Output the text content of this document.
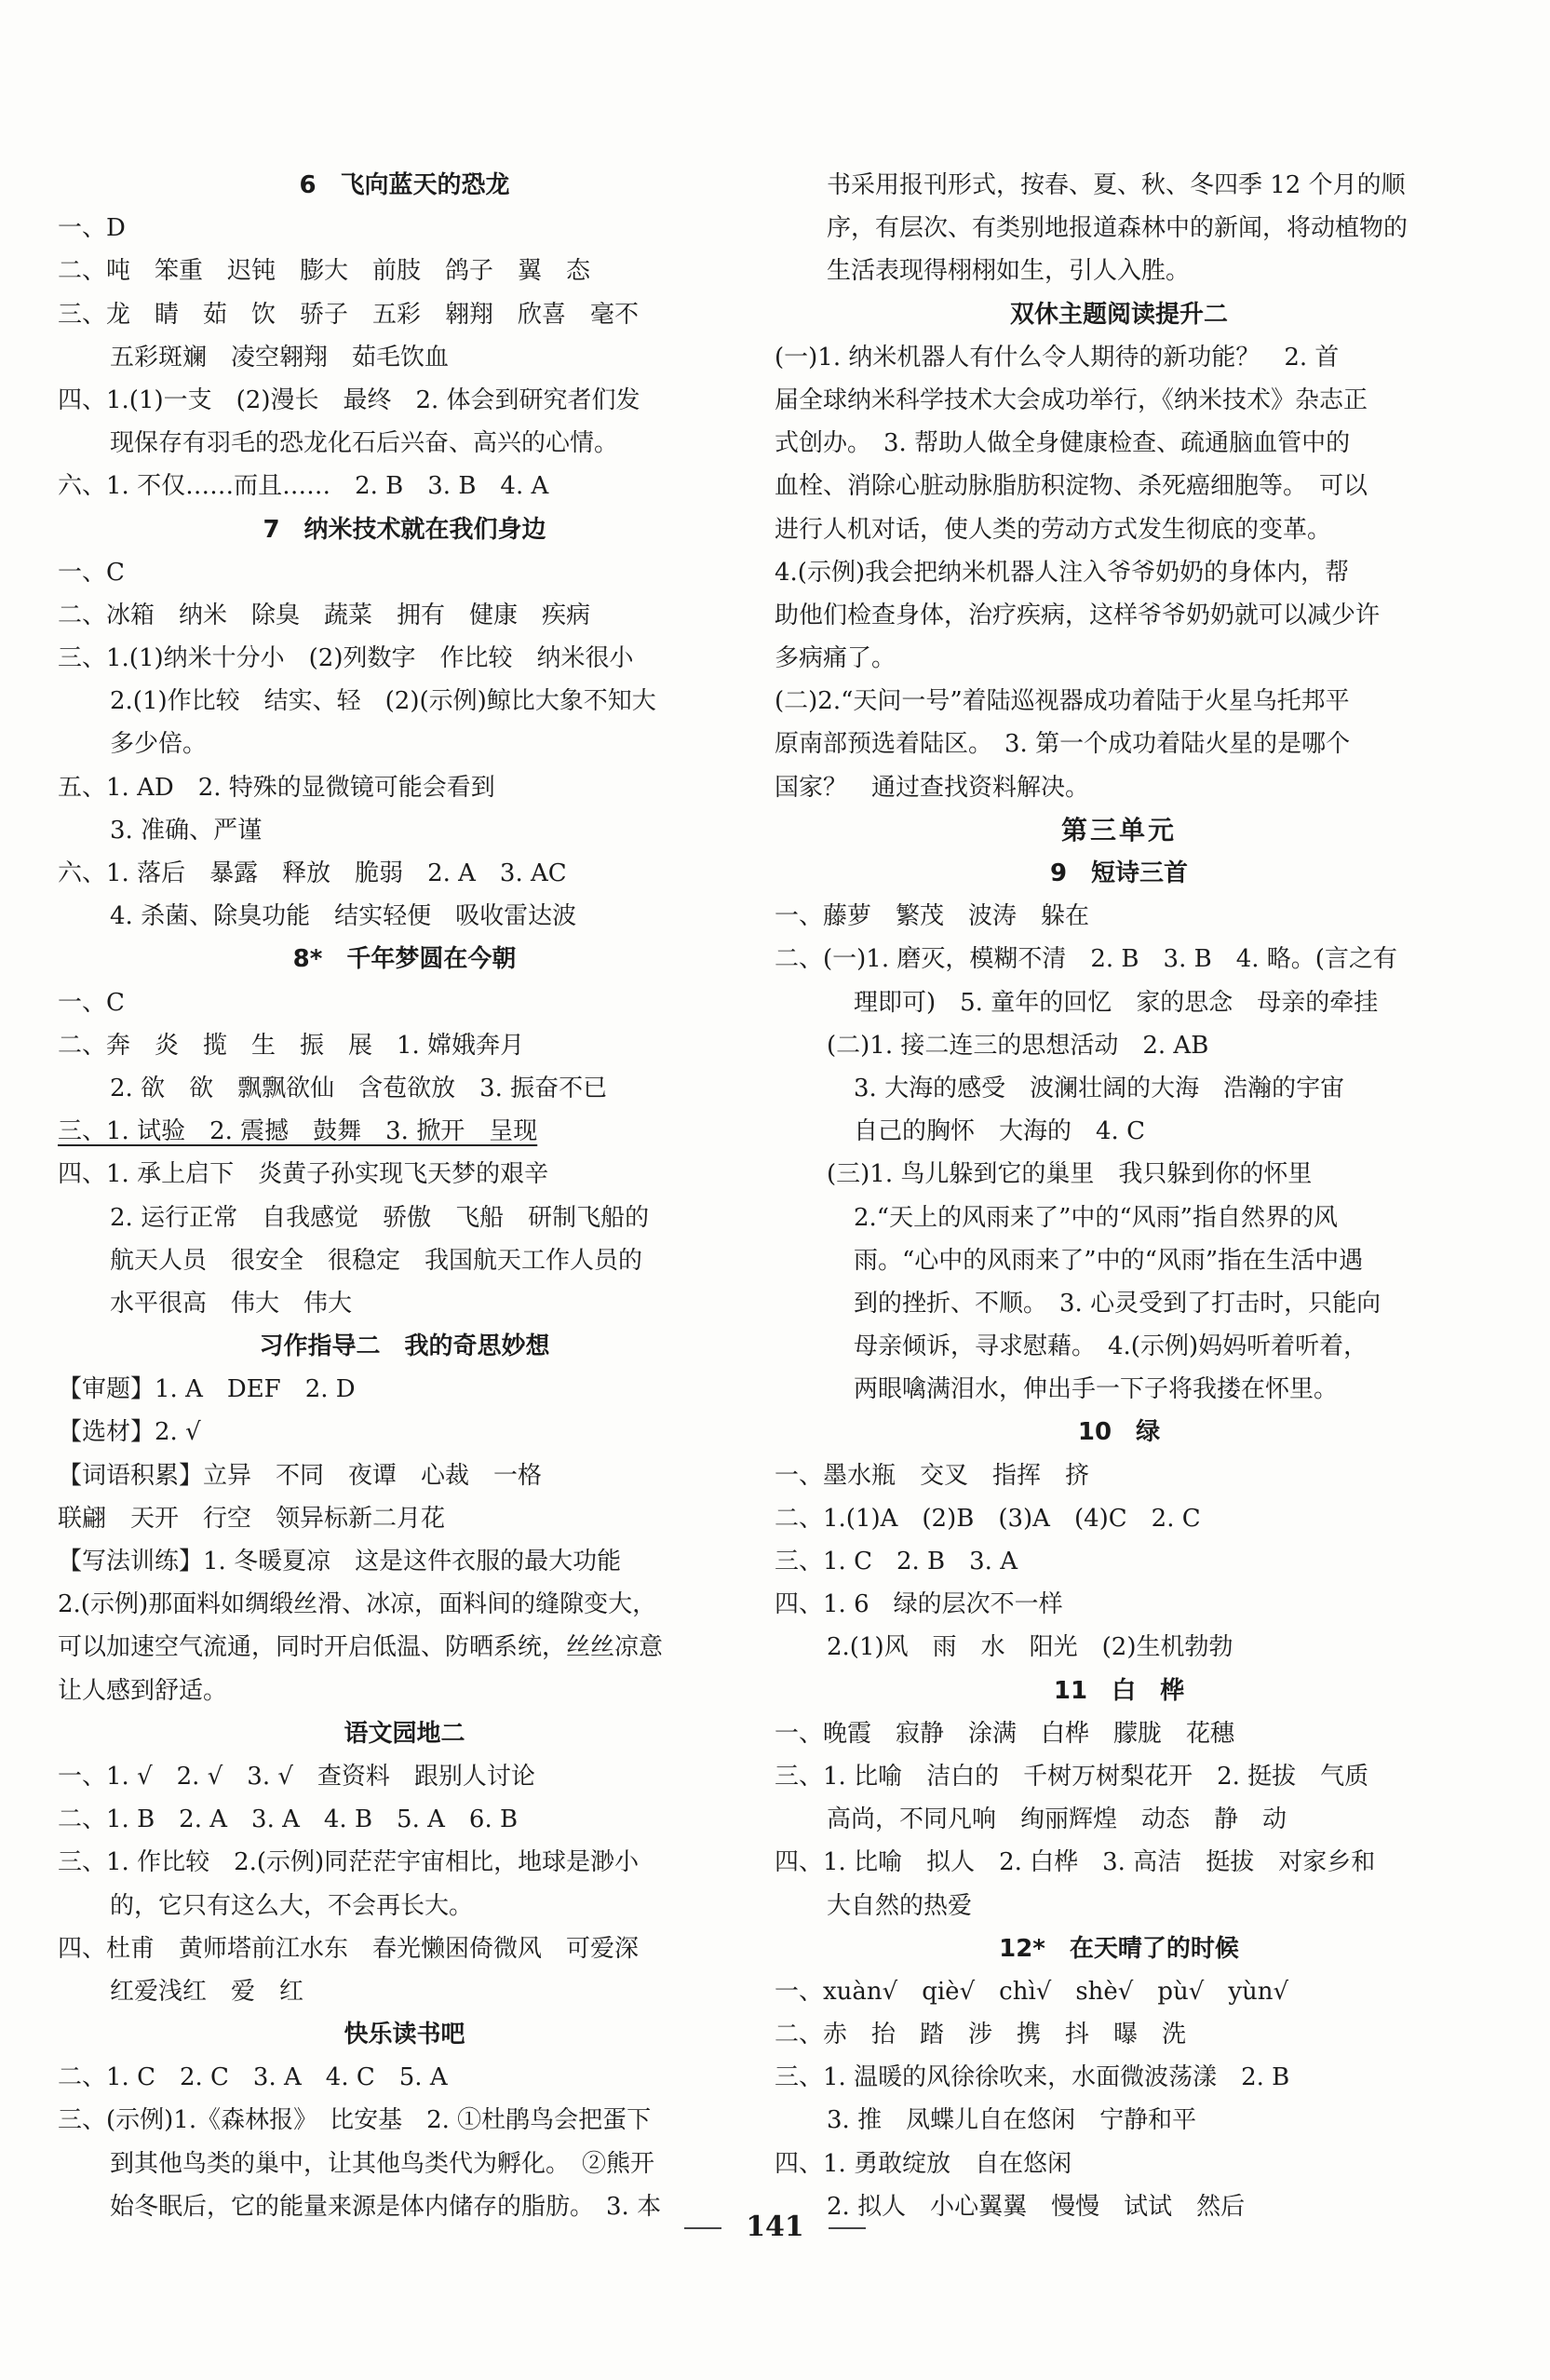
6　飞向蓝天的恐龙
一、D
二、吨　笨重　迟钝　膨大　前肢　鸽子　翼　态
三、龙　睛　茹　饮　骄子　五彩　翱翔　欣喜　毫不
五彩斑斓　凌空翱翔　茹毛饮血
四、1.(1)一支　(2)漫长　最终　2. 体会到研究者们发
现保存有羽毛的恐龙化石后兴奋、高兴的心情。
六、1. 不仅……而且……　2. B　3. B　4. A
7　纳米技术就在我们身边
一、C
二、冰箱　纳米　除臭　蔬菜　拥有　健康　疾病
三、1.(1)纳米十分小　(2)列数字　作比较　纳米很小
2.(1)作比较　结实、轻　(2)(示例)鲸比大象不知大
多少倍。
五、1. AD　2. 特殊的显微镜可能会看到
3. 准确、严谨
六、1. 落后　暴露　释放　脆弱　2. A　3. AC
4. 杀菌、除臭功能　结实轻便　吸收雷达波
8*　千年梦圆在今朝
一、C
二、奔　炎　揽　生　振　展　1. 嫦娥奔月
2. 欲　欲　飘飘欲仙　含苞欲放　3. 振奋不已
三、1. 试验　2. 震撼　鼓舞　3. 掀开　呈现
四、1. 承上启下　炎黄子孙实现飞天梦的艰辛
2. 运行正常　自我感觉　骄傲　飞船　研制飞船的
航天人员　很安全　很稳定　我国航天工作人员的
水平很高　伟大　伟大
习作指导二　我的奇思妙想
【审题】1. A　DEF　2. D
【选材】2. √
【词语积累】立异　不同　夜谭　心裁　一格
联翩　天开　行空　领异标新二月花
【写法训练】1. 冬暖夏凉　这是这件衣服的最大功能
2.(示例)那面料如绸缎丝滑、冰凉，面料间的缝隙变大，
可以加速空气流通，同时开启低温、防晒系统，丝丝凉意
让人感到舒适。
语文园地二
一、1. √　2. √　3. √　查资料　跟别人讨论
二、1. B　2. A　3. A　4. B　5. A　6. B
三、1. 作比较　2.(示例)同茫茫宇宙相比，地球是渺小
的，它只有这么大，不会再长大。
四、杜甫　黄师塔前江水东　春光懒困倚微风　可爱深
红爱浅红　爱　红
快乐读书吧
二、1. C　2. C　3. A　4. C　5. A
三、(示例)1.《森林报》　比安基　2. ①杜鹃鸟会把蛋下
到其他鸟类的巢中，让其他鸟类代为孵化。　②熊开
始冬眠后，它的能量来源是体内储存的脂肪。　3. 本
书采用报刊形式，按春、夏、秋、冬四季 12 个月的顺
序，有层次、有类别地报道森林中的新闻，将动植物的
生活表现得栩栩如生，引人入胜。
双休主题阅读提升二
(一)1. 纳米机器人有什么令人期待的新功能？　2. 首
届全球纳米科学技术大会成功举行，《纳米技术》杂志正
式创办。　3. 帮助人做全身健康检查、疏通脑血管中的
血栓、消除心脏动脉脂肪积淀物、杀死癌细胞等。　可以
进行人机对话，使人类的劳动方式发生彻底的变革。
4.(示例)我会把纳米机器人注入爷爷奶奶的身体内，帮
助他们检查身体，治疗疾病，这样爷爷奶奶就可以减少许
多病痛了。
(二)2.“天问一号”着陆巡视器成功着陆于火星乌托邦平
原南部预选着陆区。　3. 第一个成功着陆火星的是哪个
国家？　通过查找资料解决。
第三单元
9　短诗三首
一、藤萝　繁茂　波涛　躲在
二、(一)1. 磨灭，模糊不清　2. B　3. B　4. 略。(言之有
理即可)　5. 童年的回忆　家的思念　母亲的牵挂
(二)1. 接二连三的思想活动　2. AB
3. 大海的感受　波澜壮阔的大海　浩瀚的宇宙
自己的胸怀　大海的　4. C
(三)1. 鸟儿躲到它的巢里　我只躲到你的怀里
2.“天上的风雨来了”中的“风雨”指自然界的风
雨。“心中的风雨来了”中的“风雨”指在生活中遇
到的挫折、不顺。　3. 心灵受到了打击时，只能向
母亲倾诉，寻求慰藉。　4.(示例)妈妈听着听着，
两眼噙满泪水，伸出手一下子将我搂在怀里。
10　绿
一、墨水瓶　交叉　指挥　挤
二、1.(1)A　(2)B　(3)A　(4)C　2. C
三、1. C　2. B　3. A
四、1. 6　绿的层次不一样
2.(1)风　雨　水　阳光　(2)生机勃勃
11　白　桦
一、晚霞　寂静　涂满　白桦　朦胧　花穗
三、1. 比喻　洁白的　千树万树梨花开　2. 挺拔　气质
高尚，不同凡响　绚丽辉煌　动态　静　动
四、1. 比喻　拟人　2. 白桦　3. 高洁　挺拔　对家乡和
大自然的热爱
12*　在天晴了的时候
一、xuàn√　qiè√　chì√　shè√　pù√　yùn√
二、赤　抬　踏　涉　携　抖　曝　洗
三、1. 温暖的风徐徐吹来，水面微波荡漾　2. B
3. 推　凤蝶儿自在悠闲　宁静和平
四、1. 勇敢绽放　自在悠闲
2. 拟人　小心翼翼　慢慢　试试　然后
141
